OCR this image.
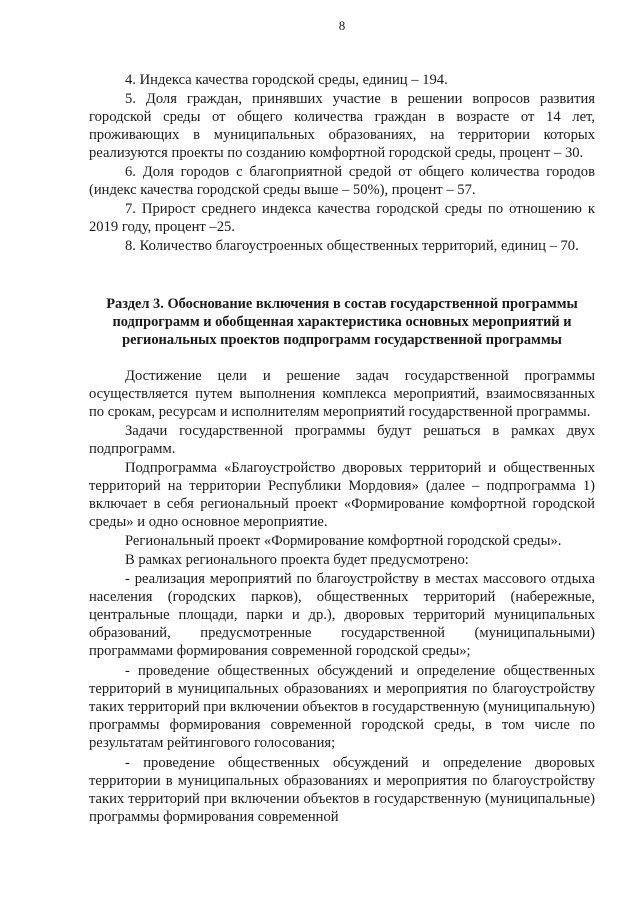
8

4. Индекса качества городской среды, единиц – 194.

5. Доля граждан, принявших участие в решении вопросов развития городской среды от общего количества граждан в возрасте от 14 лет, проживающих в муниципальных образованиях, на территории которых реализуются проекты по созданию комфортной городской среды, процент – 30.

6. Доля городов с благоприятной средой от общего количества городов (индекс качества городской среды выше – 50%), процент – 57.

7. Прирост среднего индекса качества городской среды по отношению к 2019 году, процент –25.

8. Количество благоустроенных общественных территорий, единиц – 70.

Раздел 3. Обоснование включения в состав государственной программы подпрограмм и обобщенная характеристика основных мероприятий и региональных проектов подпрограмм государственной программы

Достижение цели и решение задач государственной программы осуществляется путем выполнения комплекса мероприятий, взаимосвязанных по срокам, ресурсам и исполнителям мероприятий государственной программы.

Задачи государственной программы будут решаться в рамках двух подпрограмм.

Подпрограмма «Благоустройство дворовых территорий и общественных территорий на территории Республики Мордовия» (далее – подпрограмма 1) включает в себя региональный проект «Формирование комфортной городской среды» и одно основное мероприятие.

Региональный проект «Формирование комфортной городской среды».

В рамках регионального проекта будет предусмотрено:

- реализация мероприятий по благоустройству в местах массового отдыха населения (городских парков), общественных территорий (набережные, центральные площади, парки и др.), дворовых территорий муниципальных образований, предусмотренные государственной (муниципальными) программами формирования современной городской среды»;

- проведение общественных обсуждений и определение общественных территорий в муниципальных образованиях и мероприятия по благоустройству таких территорий при включении объектов в государственную (муниципальную) программы формирования современной городской среды, в том числе по результатам рейтингового голосования;

- проведение общественных обсуждений и определение дворовых территории в муниципальных образованиях и мероприятия по благоустройству таких территорий при включении объектов в государственную (муниципальные) программы формирования современной
